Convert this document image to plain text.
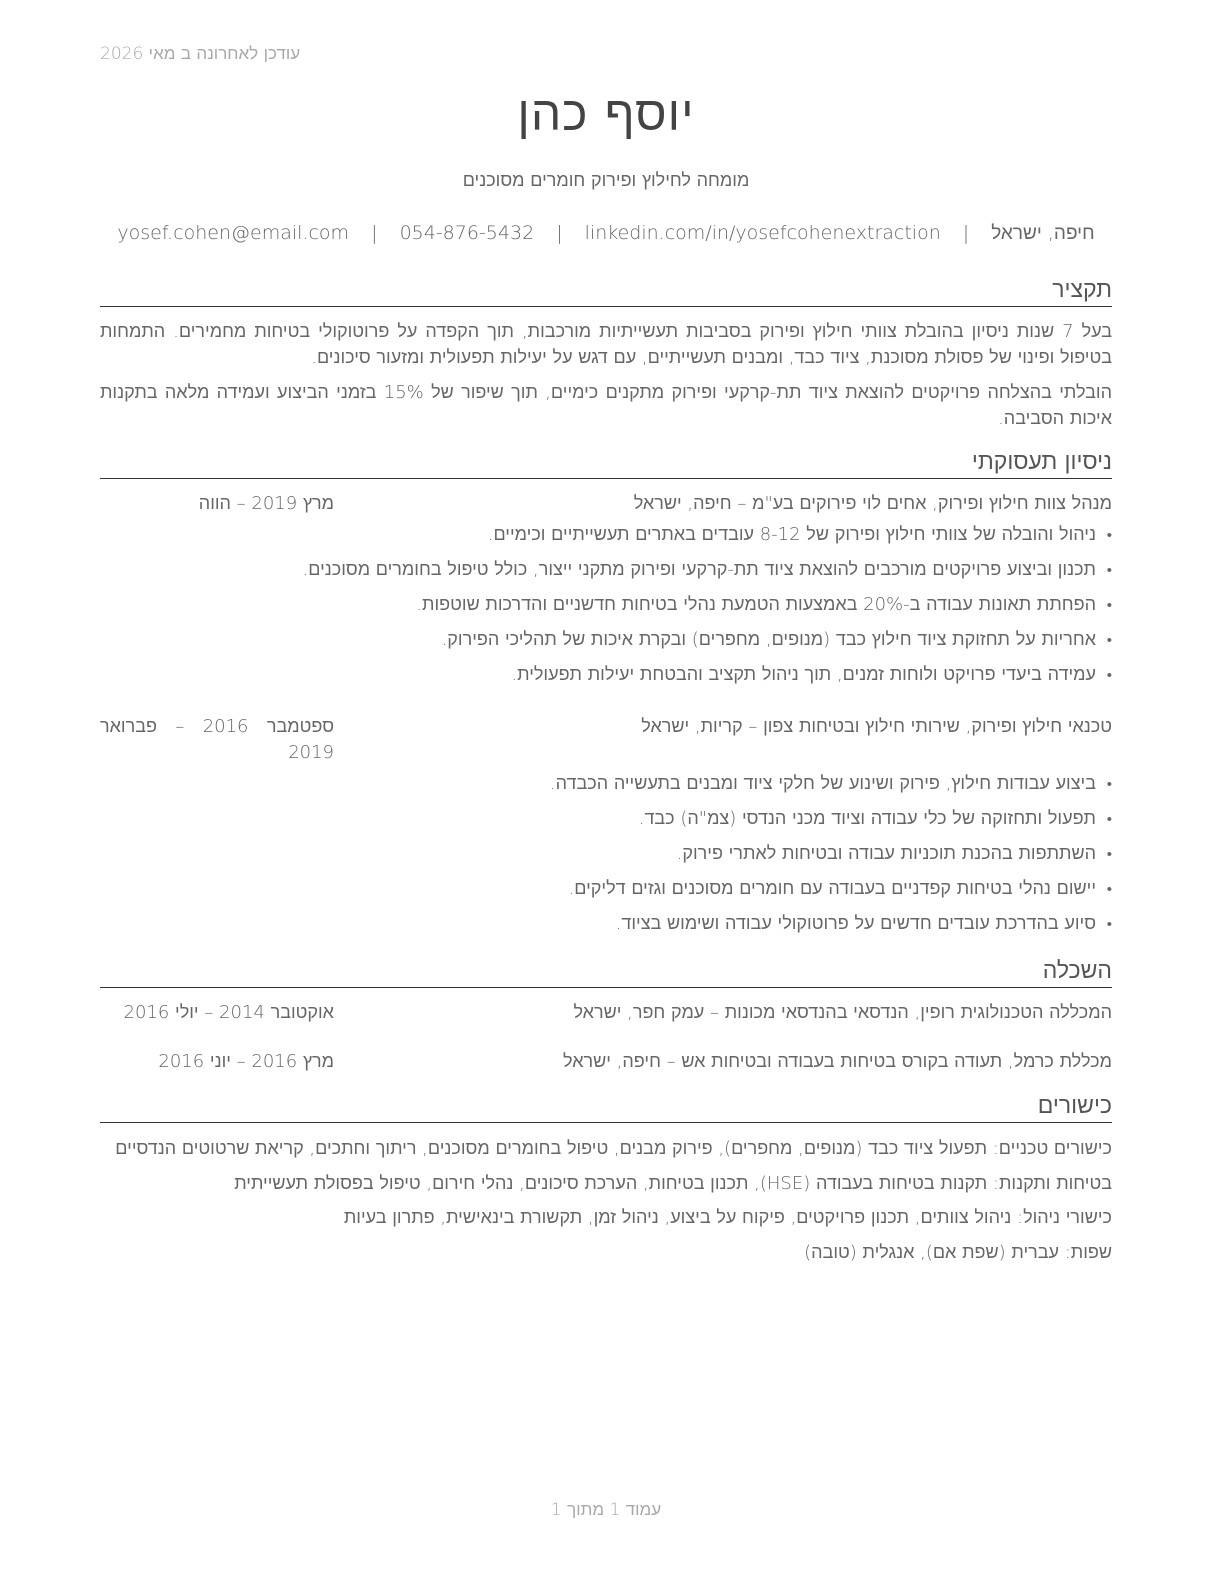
עודכן לאחרונה ב מאי 2026
יוסף כהן
מומחה לחילוץ ופירוק חומרים מסוכנים
חיפה, ישראל | yosef.cohen@email.com | 054-876-5432 | linkedin.com/in/yosefcohenextraction
תקציר
בעל 7 שנות ניסיון בהובלת צוותי חילוץ ופירוק בסביבות תעשייתיות מורכבות, תוך הקפדה על פרוטוקולי בטיחות מחמירים. התמחות בטיפול ופינוי של פסולת מסוכנת, ציוד כבד, ומבנים תעשייתיים, עם דגש על יעילות תפעולית ומזעור סיכונים.
הובלתי בהצלחה פרויקטים להוצאת ציוד תת-קרקעי ופירוק מתקנים כימיים, תוך שיפור של 15% בזמני הביצוע ועמידה מלאה בתקנות איכות הסביבה.
ניסיון תעסוקתי
מנהל צוות חילוץ ופירוק, אחים לוי פירוקים בע"מ – חיפה, ישראל
מרץ 2019 – הווה
• ניהול והובלה של צוותי חילוץ ופירוק של 8-12 עובדים באתרים תעשייתיים וכימיים.
• תכנון וביצוע פרויקטים מורכבים להוצאת ציוד תת-קרקעי ופירוק מתקני ייצור, כולל טיפול בחומרים מסוכנים.
• הפחתת תאונות עבודה ב-20% באמצעות הטמעת נהלי בטיחות חדשניים והדרכות שוטפות.
• אחריות על תחזוקת ציוד חילוץ כבד (מנופים, מחפרים) ובקרת איכות של תהליכי הפירוק.
• עמידה ביעדי פרויקט ולוחות זמנים, תוך ניהול תקציב והבטחת יעילות תפעולית.
טכנאי חילוץ ופירוק, שירותי חילוץ ובטיחות צפון – קריות, ישראל
ספטמבר 2016 – פברואר 2019
• ביצוע עבודות חילוץ, פירוק ושינוע של חלקי ציוד ומבנים בתעשייה הכבדה.
• תפעול ותחזוקה של כלי עבודה וציוד מכני הנדסי (צמ"ה) כבד.
• השתתפות בהכנת תוכניות עבודה ובטיחות לאתרי פירוק.
• יישום נהלי בטיחות קפדניים בעבודה עם חומרים מסוכנים וגזים דליקים.
• סיוע בהדרכת עובדים חדשים על פרוטוקולי עבודה ושימוש בציוד.
השכלה
המכללה הטכנולוגית רופין, הנדסאי בהנדסאי מכונות – עמק חפר, ישראל
אוקטובר 2014 – יולי 2016
מכללת כרמל, תעודה בקורס בטיחות בעבודה ובטיחות אש – חיפה, ישראל
מרץ 2016 – יוני 2016
כישורים
כישורים טכניים: תפעול ציוד כבד (מנופים, מחפרים), פירוק מבנים, טיפול בחומרים מסוכנים, ריתוך וחתכים, קריאת שרטוטים הנדסיים
בטיחות ותקנות: תקנות בטיחות בעבודה (HSE), תכנון בטיחות, הערכת סיכונים, נהלי חירום, טיפול בפסולת תעשייתית
כישורי ניהול: ניהול צוותים, תכנון פרויקטים, פיקוח על ביצוע, ניהול זמן, תקשורת בינאישית, פתרון בעיות
שפות: עברית (שפת אם), אנגלית (טובה)
עמוד 1 מתוך 1
